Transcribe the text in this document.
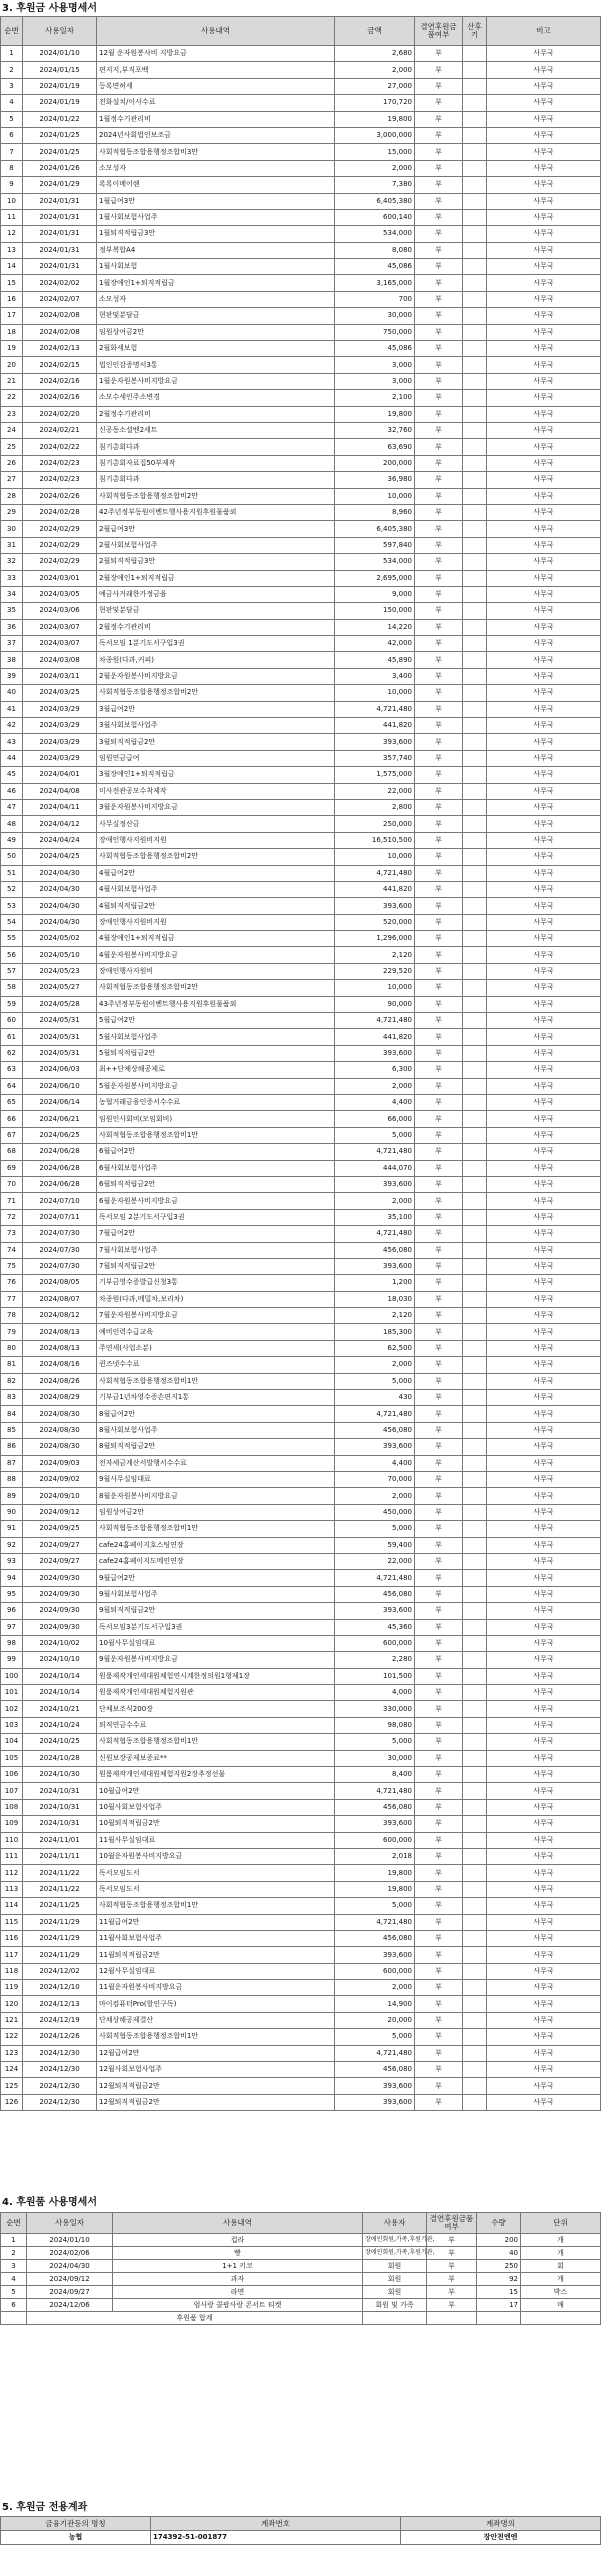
3. 후원금 사용명세서
순번	사용일자	사용내역	금액	결연후원금품여부	산후기	비고
1	2024/01/10	12월 운자원봉사비 지방요금	2,680	부		사무국
2	2024/01/15	편지지,부직포백	2,000	부		사무국
3	2024/01/19	등록면허세	27,000	부		사무국
4	2024/01/19	전화설치/이사수료	170,720	부		사무국
5	2024/01/22	1월정수기관리비	19,800	부		사무국
6	2024/01/25	2024년사회법인보조금	3,000,000	부		사무국
7	2024/01/25	사회적협동조합용행정조합비3만	15,000	부		사무국
8	2024/01/26	소모성자	2,000	부		사무국
9	2024/01/29	록록이메어랜	7,380	부		사무국
10	2024/01/31	1월급여3만	6,405,380	부		사무국
11	2024/01/31	1월사회보험사업주	600,140	부		사무국
12	2024/01/31	1월퇴직적립금3만	534,000	부		사무국
13	2024/01/31	정부복합A4	8,080	부		사무국
14	2024/01/31	1월사회보험	45,086	부		사무국
15	2024/02/02	1월장애인1+퇴직적립금	3,165,000	부		사무국
16	2024/02/07	소모성자	700	부		사무국
17	2024/02/08	현판및분담금	30,000	부		사무국
18	2024/02/08	임원상여금2만	750,000	부		사무국
19	2024/02/13	2월화세보험	45,086	부		사무국
20	2024/02/15	법인인감증명서3통	3,000	부		사무국
21	2024/02/16	1월운자원봉사비지방요금	3,000	부		사무국
22	2024/02/16	소모수세인주소변경	2,100	부		사무국
23	2024/02/20	2월정수기관리비	19,800	부		사무국
24	2024/02/21	신공동소셜벤2세트	32,760	부		사무국
25	2024/02/22	침기총회다과	63,690	부		사무국
26	2024/02/23	침기총회자료집50부제작	200,000	부		사무국
27	2024/02/23	침기총회다과	36,980	부		사무국
28	2024/02/26	사회적협동조합용행정조합비2만	10,000	부		사무국
29	2024/02/28	42주년정부동원이벤트행사용지원후원물품외	8,960	부		사무국
30	2024/02/29	2월급여3만	6,405,380	부		사무국
31	2024/02/29	2월사회보험사업주	597,840	부		사무국
32	2024/02/29	2월퇴직적립금3만	534,000	부		사무국
33	2024/03/01	2월장애인1+퇴직적립금	2,695,000	부		사무국
34	2024/03/05	예금사거래한가정금융	9,000	부		사무국
35	2024/03/06	현판및분담금	150,000	부		사무국
36	2024/03/07	2월정수기관리비	14,220	부		사무국
37	2024/03/07	독서모임 1분기도서구입3권	42,000	부		사무국
38	2024/03/08	차종원(다과,커피)	45,890	부		사무국
39	2024/03/11	2월운자원봉사비지방요금	3,400	부		사무국
40	2024/03/25	사회적협동조합용행정조합비2만	10,000	부		사무국
41	2024/03/29	3월급여2만	4,721,480	부		사무국
42	2024/03/29	3월사회보험사업주	441,820	부		사무국
43	2024/03/29	3월퇴직적립금2만	393,600	부		사무국
44	2024/03/29	임원연금급여	357,740	부		사무국
45	2024/04/01	3월장애인1+퇴직적립금	1,575,000	부		사무국
46	2024/04/08	미사전관공모수착제작	22,000	부		사무국
47	2024/04/11	3월운자원봉사비지방요금	2,800	부		사무국
48	2024/04/12	사무실정산금	250,000	부		사무국
49	2024/04/24	장애인행사지원비지원	16,510,500	부		사무국
50	2024/04/25	사회적협동조합용행정조합비2만	10,000	부		사무국
51	2024/04/30	4월급여2만	4,721,480	부		사무국
52	2024/04/30	4월사회보험사업주	441,820	부		사무국
53	2024/04/30	4월퇴직적립금2만	393,600	부		사무국
54	2024/04/30	장애인행사지원비지원	520,000	부		사무국
55	2024/05/02	4월장애인1+퇴직적립금	1,296,000	부		사무국
56	2024/05/10	4월운자원봉사비지방요금	2,120	부		사무국
57	2024/05/23	장애인행사지원비	229,520	부		사무국
58	2024/05/27	사회적협동조합용행정조합비2만	10,000	부		사무국
59	2024/05/28	43주년정부동원이벤트행사용지원후원물품외	90,000	부		사무국
60	2024/05/31	5월급여2만	4,721,480	부		사무국
61	2024/05/31	5월사회보험사업주	441,820	부		사무국
62	2024/05/31	5월퇴직적립금2만	393,600	부		사무국
63	2024/06/03	최++단체상해공제로	6,300	부		사무국
64	2024/06/10	5월운자원봉사비지방요금	2,000	부		사무국
65	2024/06/14	농협거래금융인증서수수료	4,400	부		사무국
66	2024/06/21	임원인사회비(모임회비)	66,000	부		사무국
67	2024/06/25	사회적협동조합용행정조합비1만	5,000	부		사무국
68	2024/06/28	6월급여2만	4,721,480	부		사무국
69	2024/06/28	6월사회보험사업주	444,070	부		사무국
70	2024/06/28	6월퇴직적립금2만	393,600	부		사무국
71	2024/07/10	6월운자원봉사비지방요금	2,000	부		사무국
72	2024/07/11	독서모임 2분기도서구입3권	35,100	부		사무국
73	2024/07/30	7월급여2만	4,721,480	부		사무국
74	2024/07/30	7월사회보험사업주	456,080	부		사무국
75	2024/07/30	7월퇴직적립금2만	393,600	부		사무국
76	2024/08/05	기부금영수증발급신청3통	1,200	부		사무국
77	2024/08/07	차종원(다과,메밀차,보리차)	18,030	부		사무국
78	2024/08/12	7월운자원봉사비지방요금	2,120	부		사무국
79	2024/08/13	예비인력수급교육	185,300	부		사무국
80	2024/08/13	주연세(사업소분)	62,500	부		사무국
81	2024/08/16	퀸즈넷수수료	2,000	부		사무국
82	2024/08/26	사회적협동조합용행정조합비1만	5,000	부		사무국
83	2024/08/29	기부금1년차영수증손편지1통	430	부		사무국
84	2024/08/30	8월급여2만	4,721,480	부		사무국
85	2024/08/30	8월사회보험사업주	456,080	부		사무국
86	2024/08/30	8월퇴직적립금2만	393,600	부		사무국
87	2024/09/03	전자세금계산서발행서수수료	4,400	부		사무국
88	2024/09/02	9월사무실임대료	70,000	부		사무국
89	2024/09/10	8월운자원봉사비지방요금	2,000	부		사무국
90	2024/09/12	임원상여금2만	450,000	부		사무국
91	2024/09/25	사회적협동조합용행정조합비1만	5,000	부		사무국
92	2024/09/27	cafe24홈페이지호스팅연장	59,400	부		사무국
93	2024/09/27	cafe24홈페이지도메인연장	22,000	부		사무국
94	2024/09/30	9월급여2만	4,721,480	부		사무국
95	2024/09/30	9월사회보험사업주	456,080	부		사무국
96	2024/09/30	9월퇴직적립금2만	393,600	부		사무국
97	2024/09/30	독서모임3분기도서구입3권	45,360	부		사무국
98	2024/10/02	10월사무실임대료	600,000	부		사무국
99	2024/10/10	9월운자원봉사비지방요금	2,280	부		사무국
100	2024/10/14	원룸제작개인세대원체험연시계한정의원1형제1장	101,500	부		사무국
101	2024/10/14	원룸제작개인세대원체험지원관	4,000	부		사무국
102	2024/10/21	단체보조식200장	330,000	부		사무국
103	2024/10/24	퇴직연금수수료	98,080	부		사무국
104	2024/10/25	사회적협동조합용행정조합비1만	5,000	부		사무국
105	2024/10/28	신원보장공제보증료**	30,000	부		사무국
106	2024/10/30	원룸제작개인세대원체험지원2장추정선물	8,400	부		사무국
107	2024/10/31	10월급여2만	4,721,480	부		사무국
108	2024/10/31	10월사회보험사업주	456,080	부		사무국
109	2024/10/31	10월퇴직적립금2만	393,600	부		사무국
110	2024/11/01	11월사무실임대료	600,000	부		사무국
111	2024/11/11	10월운자원봉사비지방요금	2,018	부		사무국
112	2024/11/22	독서모임도서	19,800	부		사무국
113	2024/11/22	독서모임도서	19,800	부		사무국
114	2024/11/25	사회적협동조합용행정조합비1만	5,000	부		사무국
115	2024/11/29	11월급여2만	4,721,480	부		사무국
116	2024/11/29	11월사회보험사업주	456,080	부		사무국
117	2024/11/29	11월퇴직적립금2만	393,600	부		사무국
118	2024/12/02	12월사무실임대료	600,000	부		사무국
119	2024/12/10	11월운자원봉사비지방요금	2,000	부		사무국
120	2024/12/13	마이컴퓨터Pro(할인구독)	14,900	부		사무국
121	2024/12/19	단체상해공제결산	20,000	부		사무국
122	2024/12/26	사회적협동조합용행정조합비1만	5,000	부		사무국
123	2024/12/30	12월급여2만	4,721,480	부		사무국
124	2024/12/30	12월사회보험사업주	456,080	부		사무국
125	2024/12/30	12월퇴직적립금2만	393,600	부		사무국
126	2024/12/30	12월퇴직적립금2만	393,600	부		사무국
4. 후원품 사용명세서
순번	사용일자	사용내역	사용자	결연후원금품여부	수량	단위
1	2024/01/10	컵라	장애인회원,가족,후원기관,	부	200	개
2	2024/02/06	빵	장애인회원,가족,후원기관,	부	40	개
3	2024/04/30	1+1 키코	회원	부	250	회
4	2024/09/12	과자	회원	부	92	개
5	2024/09/27	라면	회원	부	15	박스
6	2024/12/06	엄사랑 콜팝사랑 콘서트 티켓	회원 및 가족	부	17	매
	후원품 합계					
5. 후원금 전용계좌
금융기관등의 명칭	계좌번호	계좌명의
농협	174392-51-001877	장안천엔엔
